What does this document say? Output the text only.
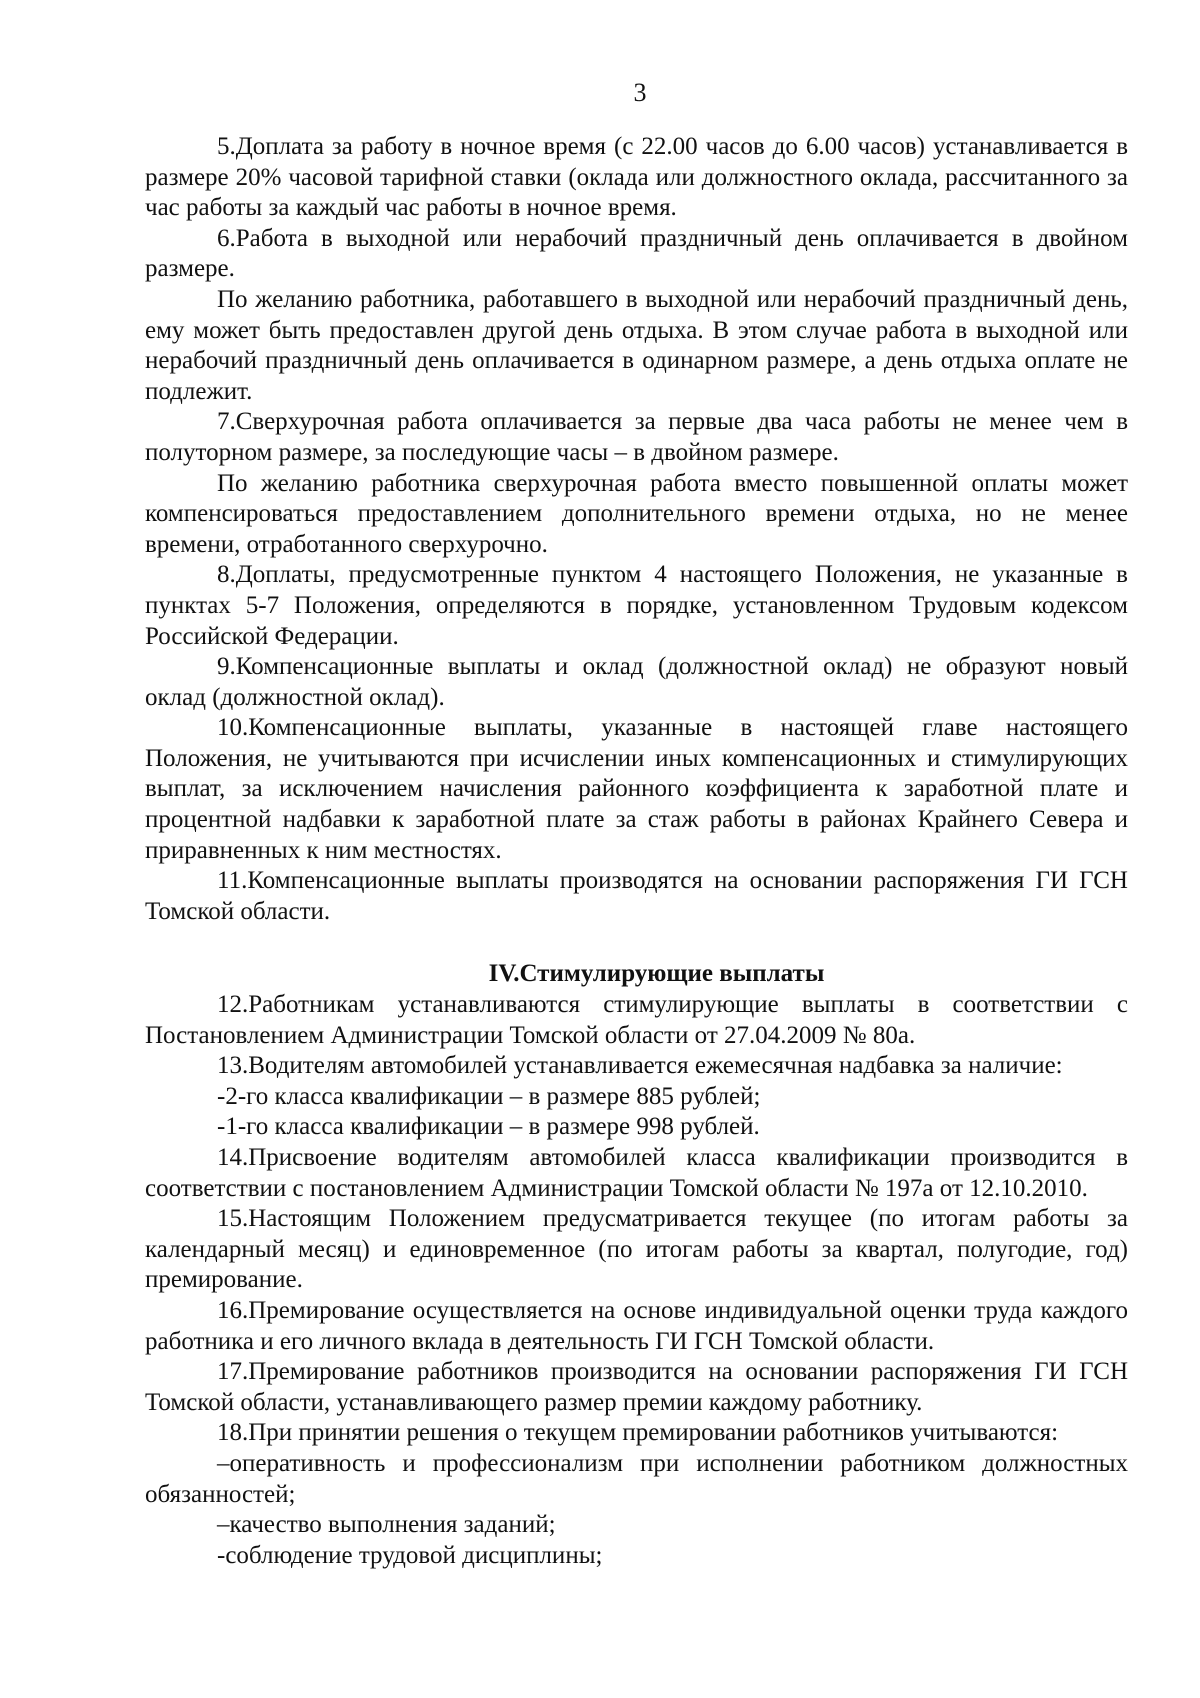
3

5.Доплата за работу в ночное время (с 22.00 часов до 6.00 часов) устанавливается в размере 20% часовой тарифной ставки (оклада или должностного оклада, рассчитанного за час работы за каждый час работы в ночное время.

6.Работа в выходной или нерабочий праздничный день оплачивается в двойном размере.

По желанию работника, работавшего в выходной или нерабочий праздничный день, ему может быть предоставлен другой день отдыха. В этом случае работа в выходной или нерабочий праздничный день оплачивается в одинарном размере, а день отдыха оплате не подлежит.

7.Сверхурочная работа оплачивается за первые два часа работы не менее чем в полуторном размере, за последующие часы – в двойном размере.

По желанию работника сверхурочная работа вместо повышенной оплаты может компенсироваться предоставлением дополнительного времени отдыха, но не менее времени, отработанного сверхурочно.

8.Доплаты, предусмотренные пунктом 4 настоящего Положения, не указанные в пунктах 5-7 Положения, определяются в порядке, установленном Трудовым кодексом Российской Федерации.

9.Компенсационные выплаты и оклад (должностной оклад) не образуют новый оклад (должностной оклад).

10.Компенсационные выплаты, указанные в настоящей главе настоящего Положения, не учитываются при исчислении иных компенсационных и стимулирующих выплат, за исключением начисления районного коэффициента к заработной плате и процентной надбавки к заработной плате за стаж работы в районах Крайнего Севера и приравненных к ним местностях.

11.Компенсационные выплаты производятся на основании распоряжения ГИ ГСН Томской области.

IV.Стимулирующие выплаты

12.Работникам устанавливаются стимулирующие выплаты в соответствии с Постановлением Администрации Томской области от 27.04.2009 № 80а.

13.Водителям автомобилей устанавливается ежемесячная надбавка за наличие:

-2-го класса квалификации – в размере 885 рублей;

-1-го класса квалификации – в размере 998 рублей.

14.Присвоение водителям автомобилей класса квалификации производится в соответствии с постановлением Администрации Томской области № 197а от 12.10.2010.

15.Настоящим Положением предусматривается текущее (по итогам работы за календарный месяц) и единовременное (по итогам работы за квартал, полугодие, год) премирование.

16.Премирование осуществляется на основе индивидуальной оценки труда каждого работника и его личного вклада в деятельность ГИ ГСН Томской области.

17.Премирование работников производится на основании распоряжения ГИ ГСН Томской области, устанавливающего размер премии каждому работнику.

18.При принятии решения о текущем премировании работников учитываются:

–оперативность и профессионализм при исполнении работником должностных обязанностей;

–качество выполнения заданий;

-соблюдение трудовой дисциплины;
